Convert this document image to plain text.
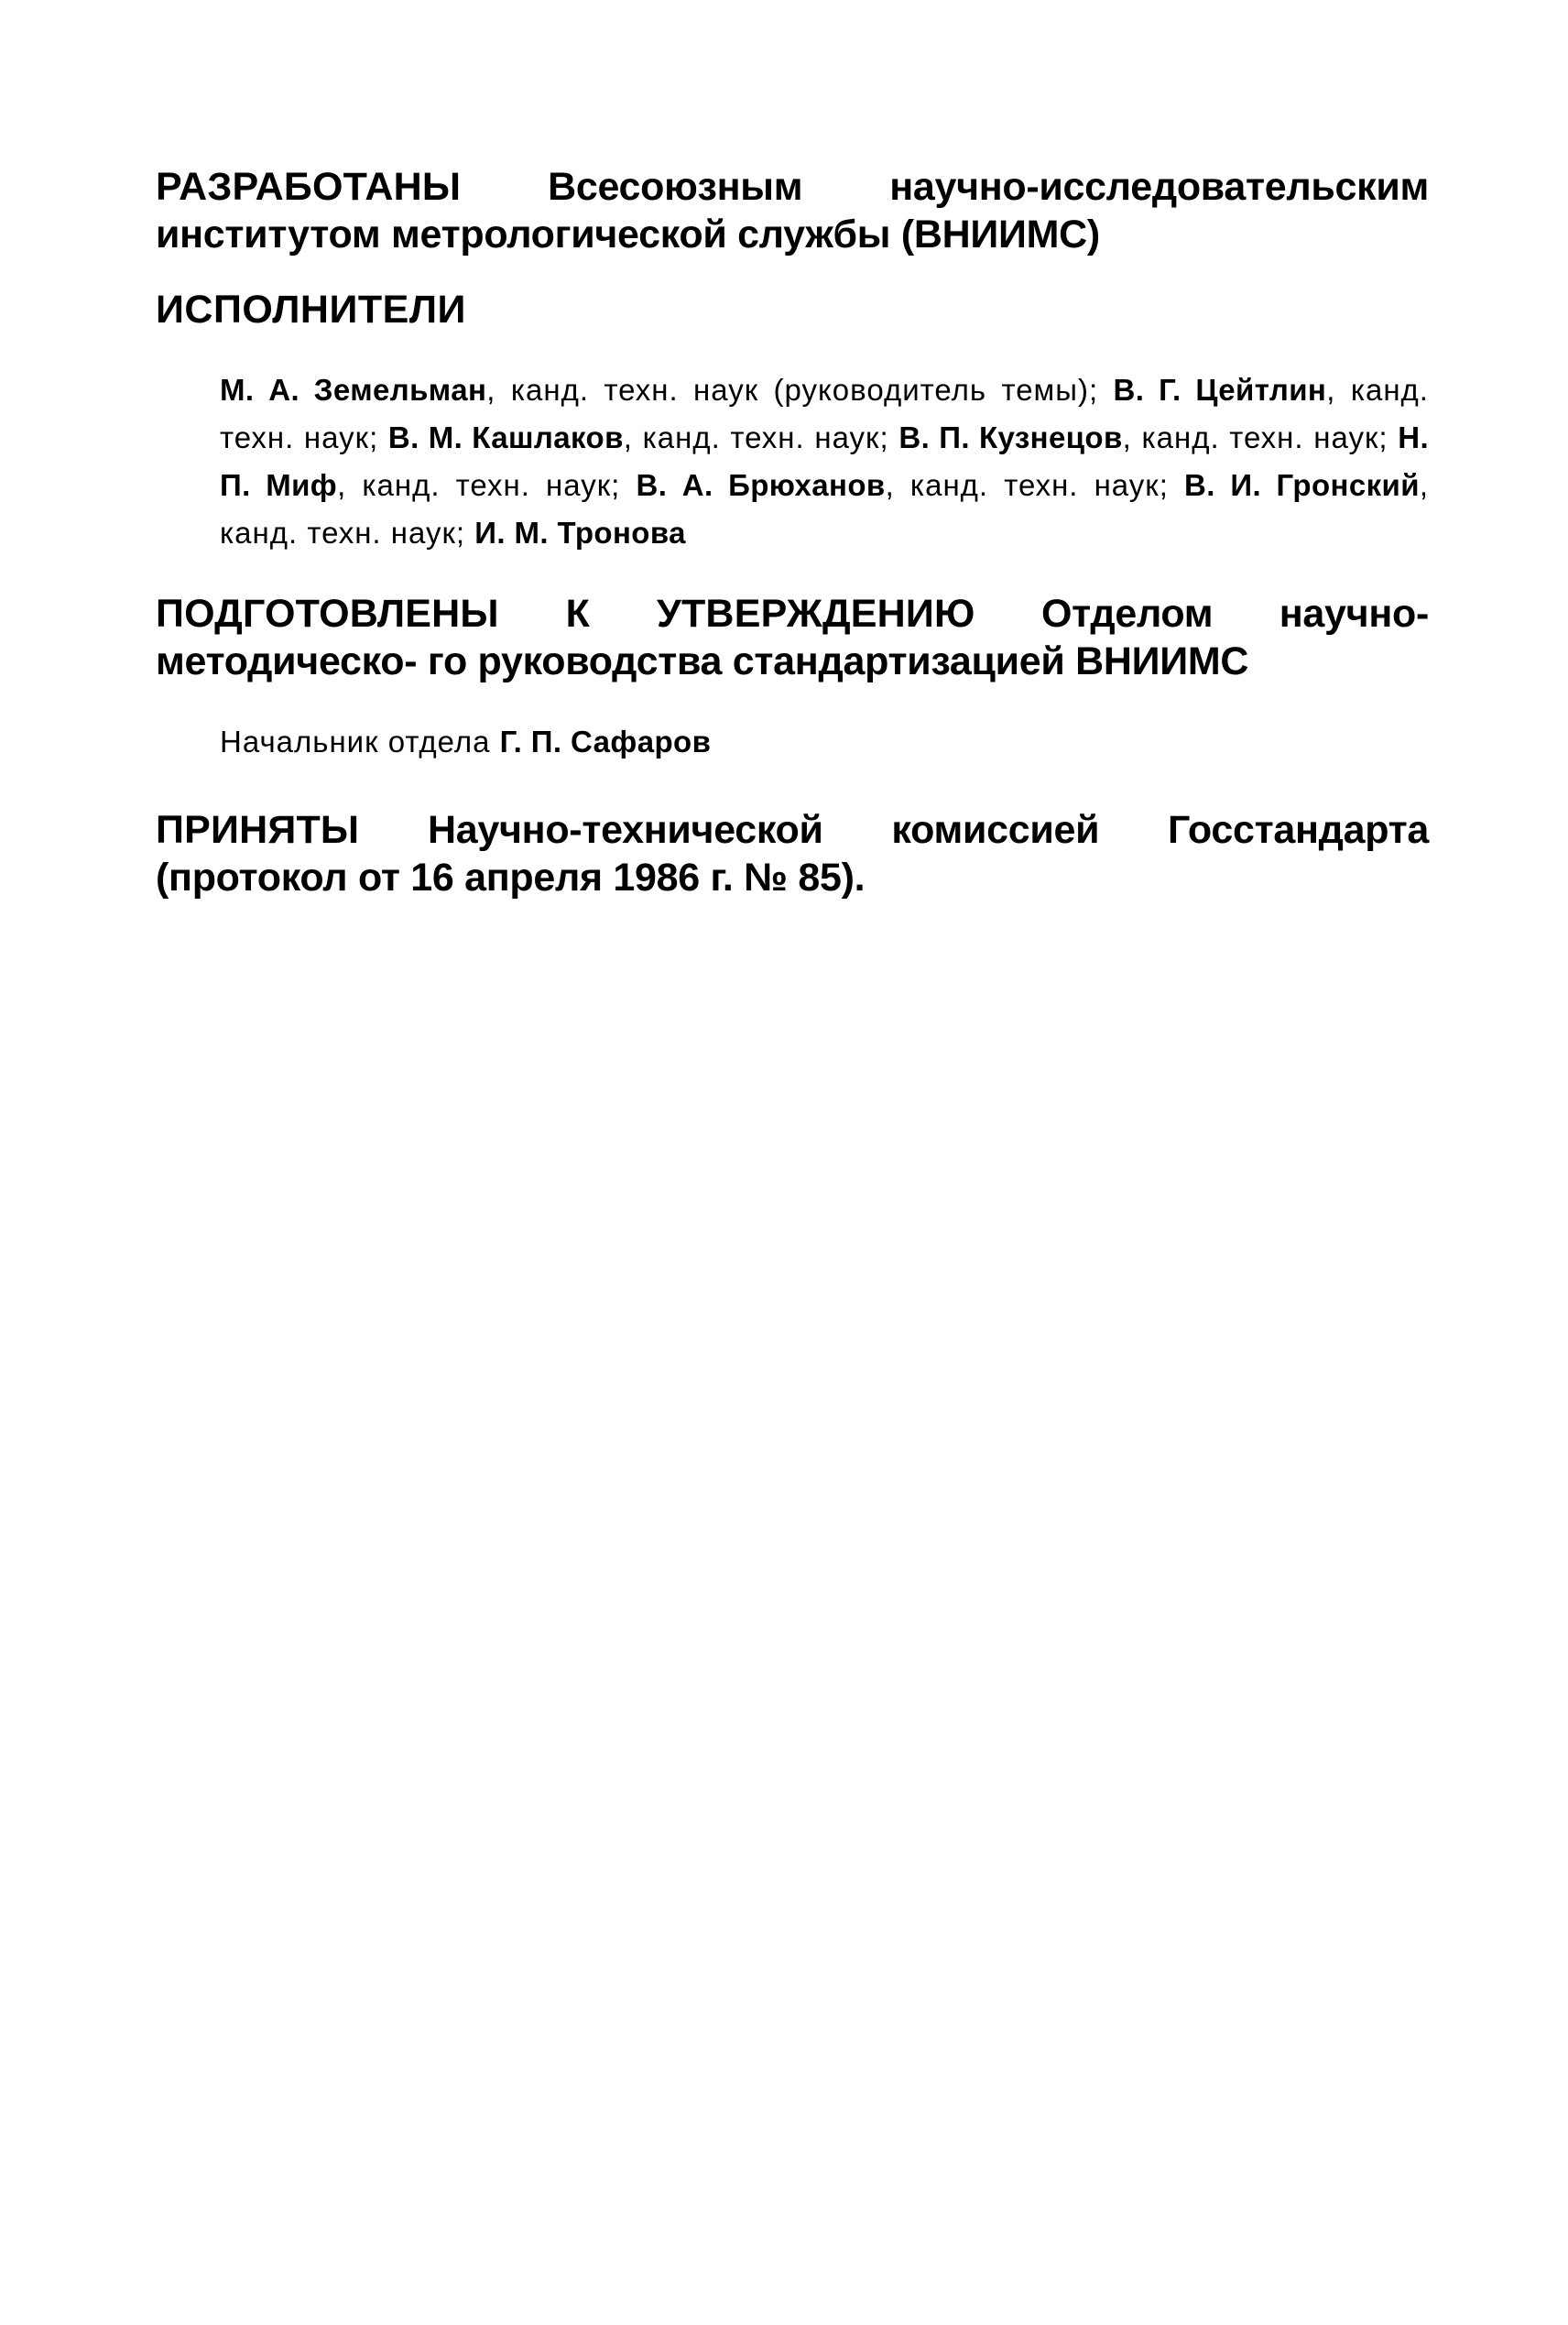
РАЗРАБОТАНЫ Всесоюзным научно-исследовательским институтом метрологической службы (ВНИИМС)

ИСПОЛНИТЕЛИ

М. А. Земельман, канд. техн. наук (руководитель темы); В. Г. Цейтлин, канд. техн. наук; В. М. Кашлаков, канд. техн. наук; В. П. Кузнецов, канд. техн. наук; Н. П. Миф, канд. техн. наук; В. А. Брюханов, канд. техн. наук; В. И. Гронский, канд. техн. наук; И. М. Тронова

ПОДГОТОВЛЕНЫ К УТВЕРЖДЕНИЮ Отделом научно-методическо- го руководства стандартизацией ВНИИМС

Начальник отдела Г. П. Сафаров

ПРИНЯТЫ Научно-технической комиссией Госстандарта (протокол от 16 апреля 1986 г. № 85).
